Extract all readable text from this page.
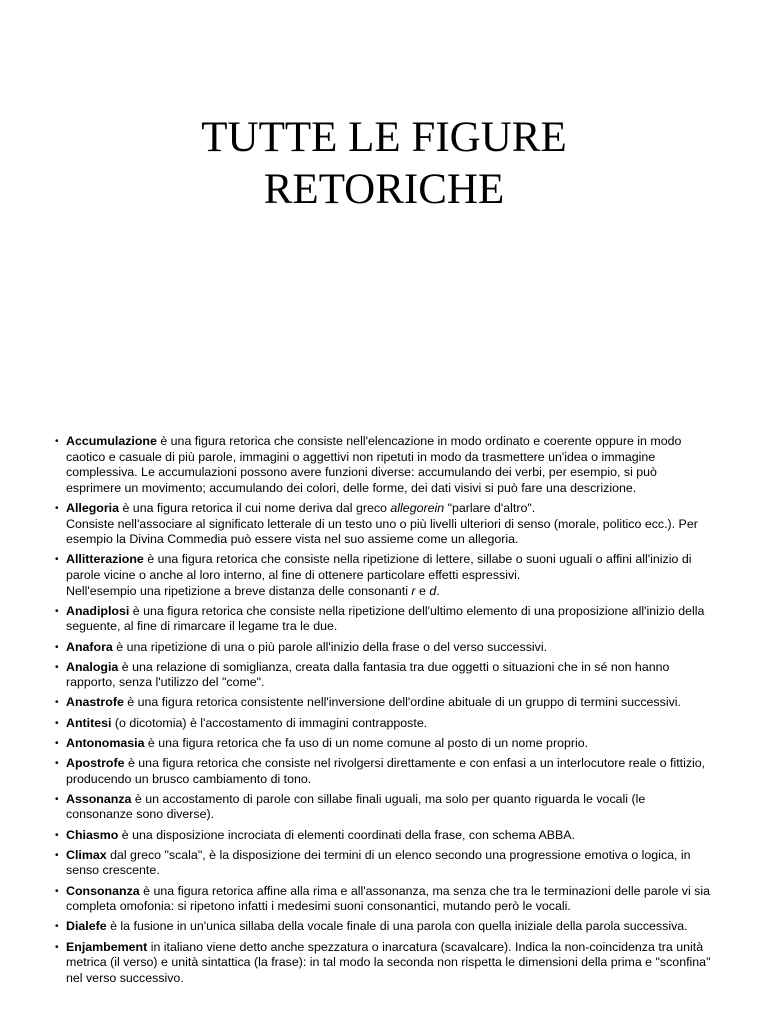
TUTTE LE FIGURE
RETORICHE
• Accumulazione è una figura retorica che consiste nell'elencazione in modo ordinato e coerente oppure in modo caotico e casuale di più parole, immagini o aggettivi non ripetuti in modo da trasmettere un'idea o immagine complessiva. Le accumulazioni possono avere funzioni diverse: accumulando dei verbi, per esempio, si può esprimere un movimento; accumulando dei colori, delle forme, dei dati visivi si può fare una descrizione.
• Allegoria è una figura retorica il cui nome deriva dal greco allegorein "parlare d'altro".
Consiste nell'associare al significato letterale di un testo uno o più livelli ulteriori di senso (morale, politico ecc.). Per esempio la Divina Commedia può essere vista nel suo assieme come un allegoria.
• Allitterazione è una figura retorica che consiste nella ripetizione di lettere, sillabe o suoni uguali o affini all'inizio di parole vicine o anche al loro interno, al fine di ottenere particolare effetti espressivi.
Nell'esempio una ripetizione a breve distanza delle consonanti r e d.
• Anadiplosi è una figura retorica che consiste nella ripetizione dell'ultimo elemento di una proposizione all'inizio della seguente, al fine di rimarcare il legame tra le due.
• Anafora è una ripetizione di una o più parole all'inizio della frase o del verso successivi.
• Analogia è una relazione di somiglianza, creata dalla fantasia tra due oggetti o situazioni che in sé non hanno rapporto, senza l'utilizzo del "come".
• Anastrofe è una figura retorica consistente nell'inversione dell'ordine abituale di un gruppo di termini successivi.
• Antitesi (o dicotomia) è l'accostamento di immagini contrapposte.
• Antonomasia è una figura retorica che fa uso di un nome comune al posto di un nome proprio.
• Apostrofe è una figura retorica che consiste nel rivolgersi direttamente e con enfasi a un interlocutore reale o fittizio, producendo un brusco cambiamento di tono.
• Assonanza è un accostamento di parole con sillabe finali uguali, ma solo per quanto riguarda le vocali (le consonanze sono diverse).
• Chiasmo è una disposizione incrociata di elementi coordinati della frase, con schema ABBA.
• Climax dal greco "scala", è la disposizione dei termini di un elenco secondo una progressione emotiva o logica, in senso crescente.
• Consonanza è una figura retorica affine alla rima e all'assonanza, ma senza che tra le terminazioni delle parole vi sia completa omofonia: si ripetono infatti i medesimi suoni consonantici, mutando però le vocali.
• Dialefe è la fusione in un'unica sillaba della vocale finale di una parola con quella iniziale della parola successiva.
• Enjambement in italiano viene detto anche spezzatura o inarcatura (scavalcare). Indica la non-coincidenza tra unità metrica (il verso) e unità sintattica (la frase): in tal modo la seconda non rispetta le dimensioni della prima e "sconfina" nel verso successivo.
